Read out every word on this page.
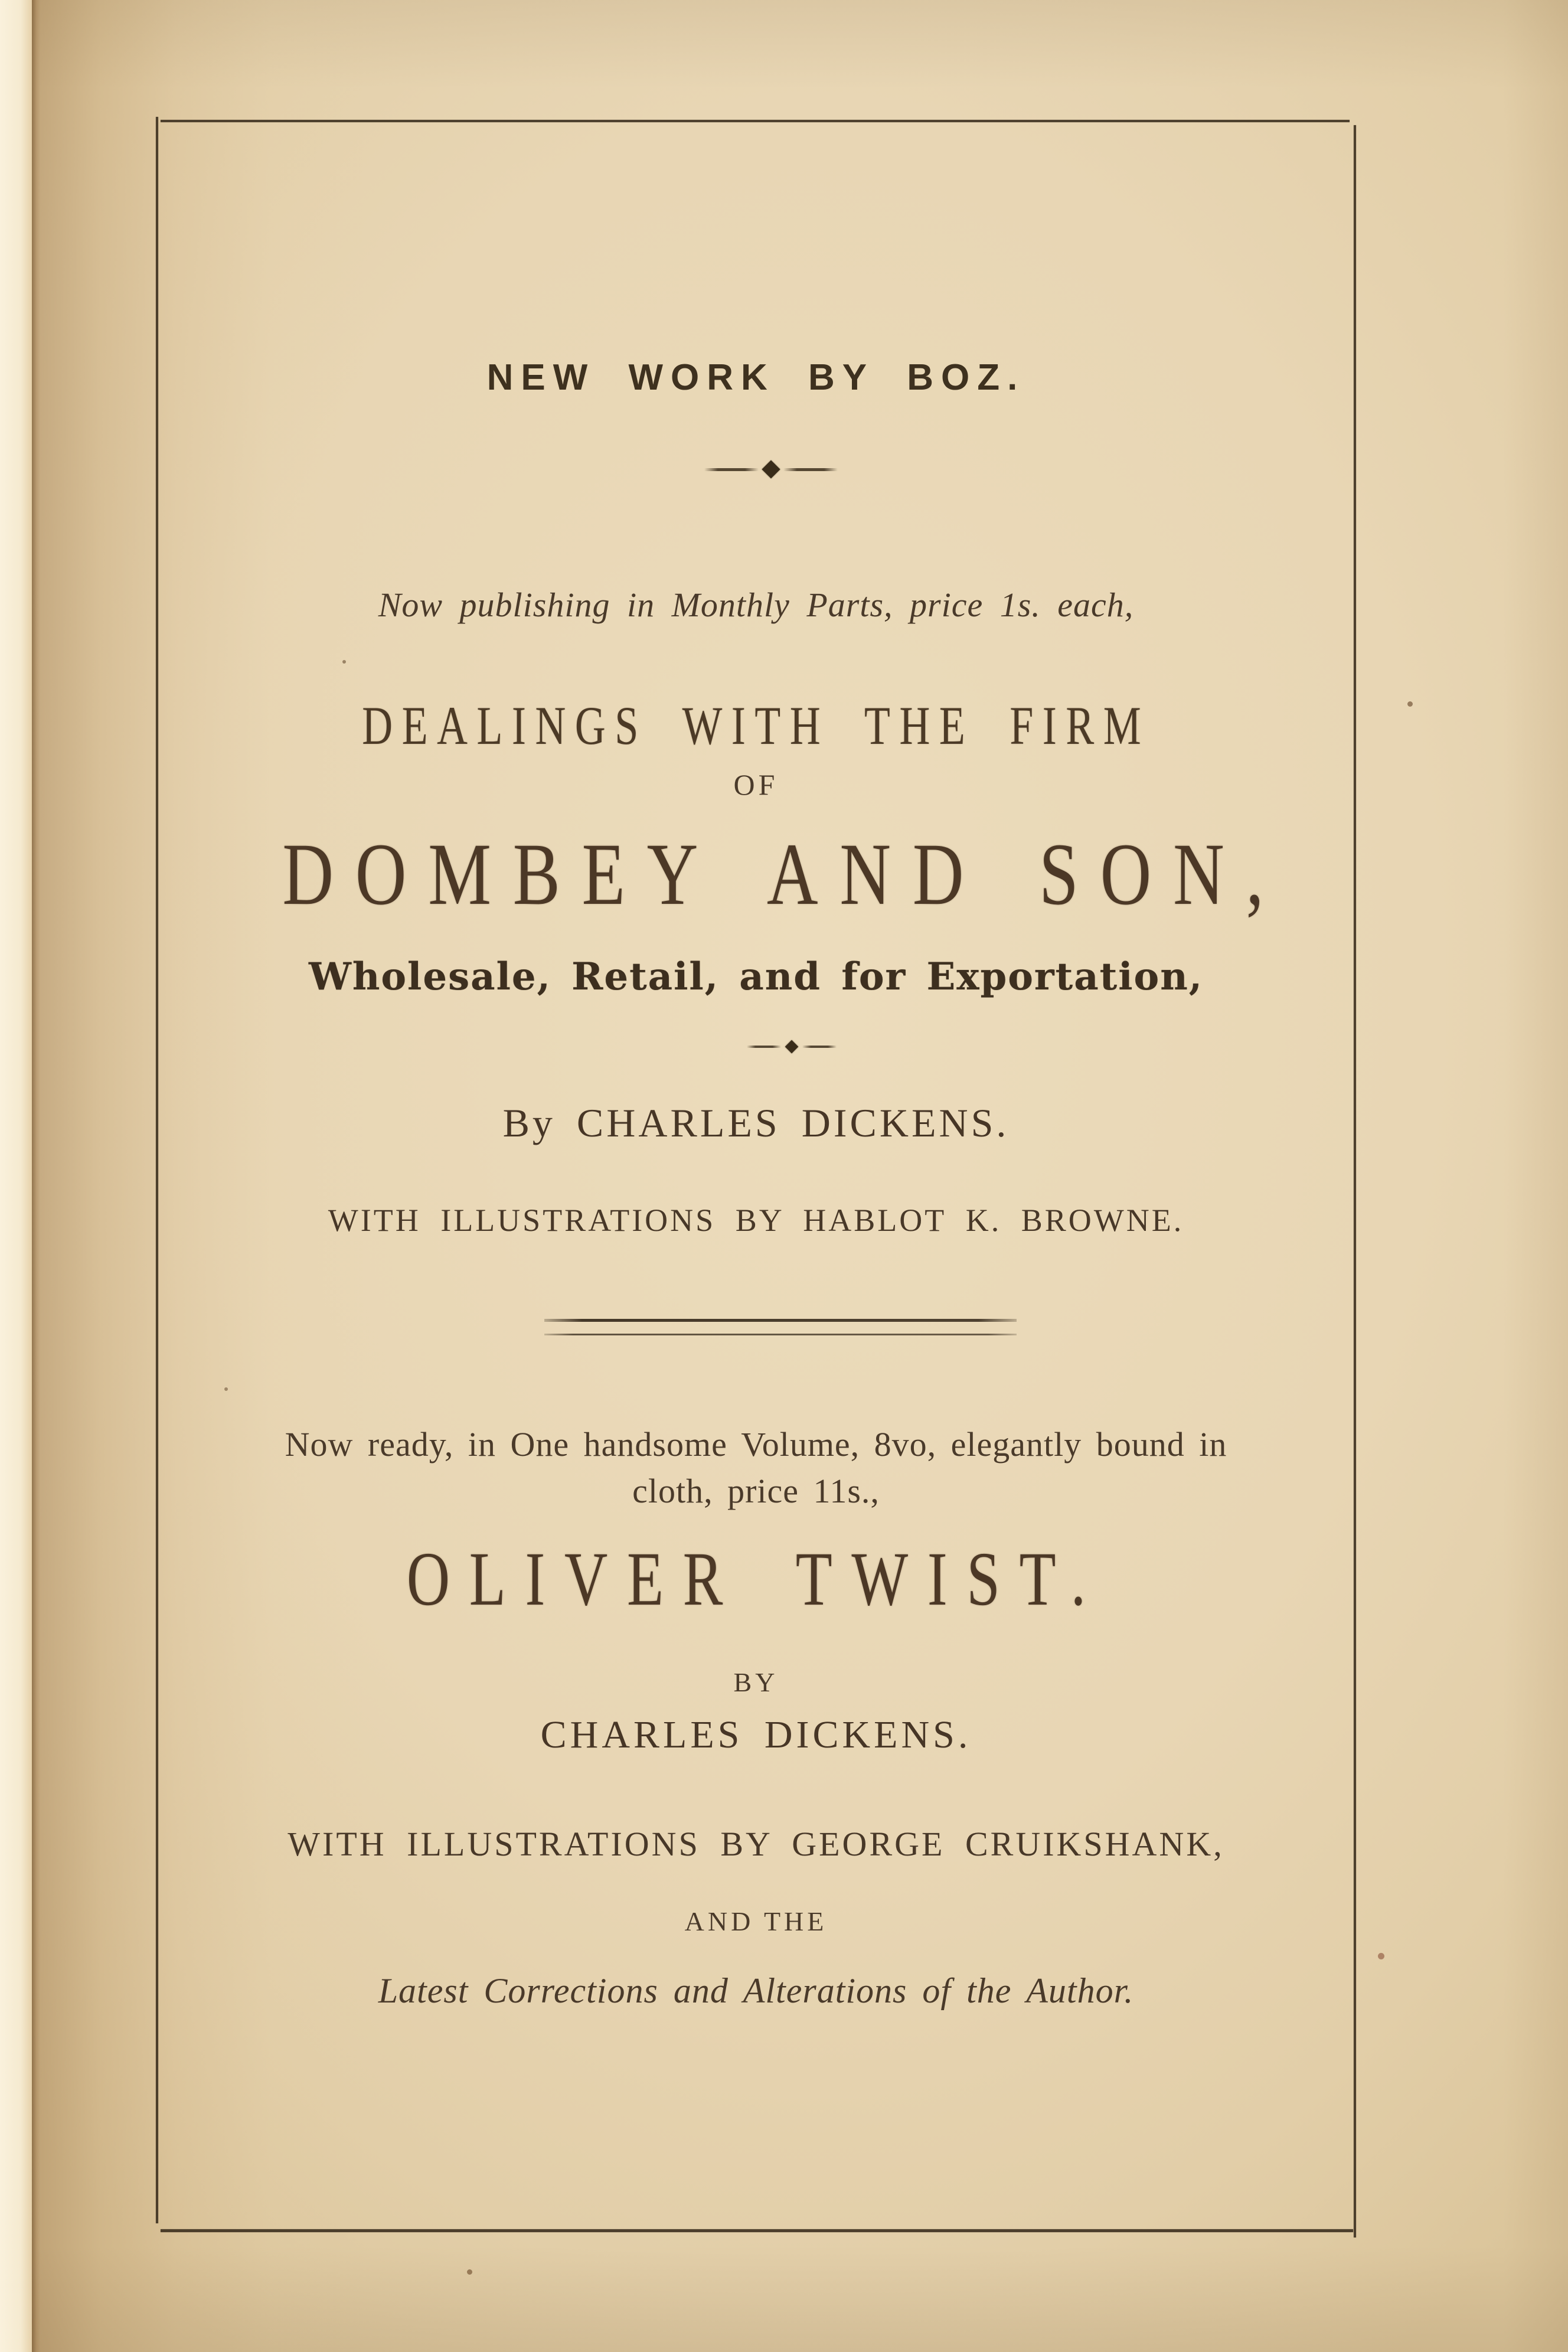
NEW WORK BY BOZ.
Now publishing in Monthly Parts, price 1s. each,
DEALINGS WITH THE FIRM
OF
DOMBEY AND SON,
Wholesale, Retail, and for Exportation,
By CHARLES DICKENS.
WITH ILLUSTRATIONS BY HABLOT K. BROWNE.
Now ready, in One handsome Volume, 8vo, elegantly bound in
cloth, price 11s.,
OLIVER TWIST.
BY
CHARLES DICKENS.
WITH ILLUSTRATIONS BY GEORGE CRUIKSHANK,
AND THE
Latest Corrections and Alterations of the Author.
